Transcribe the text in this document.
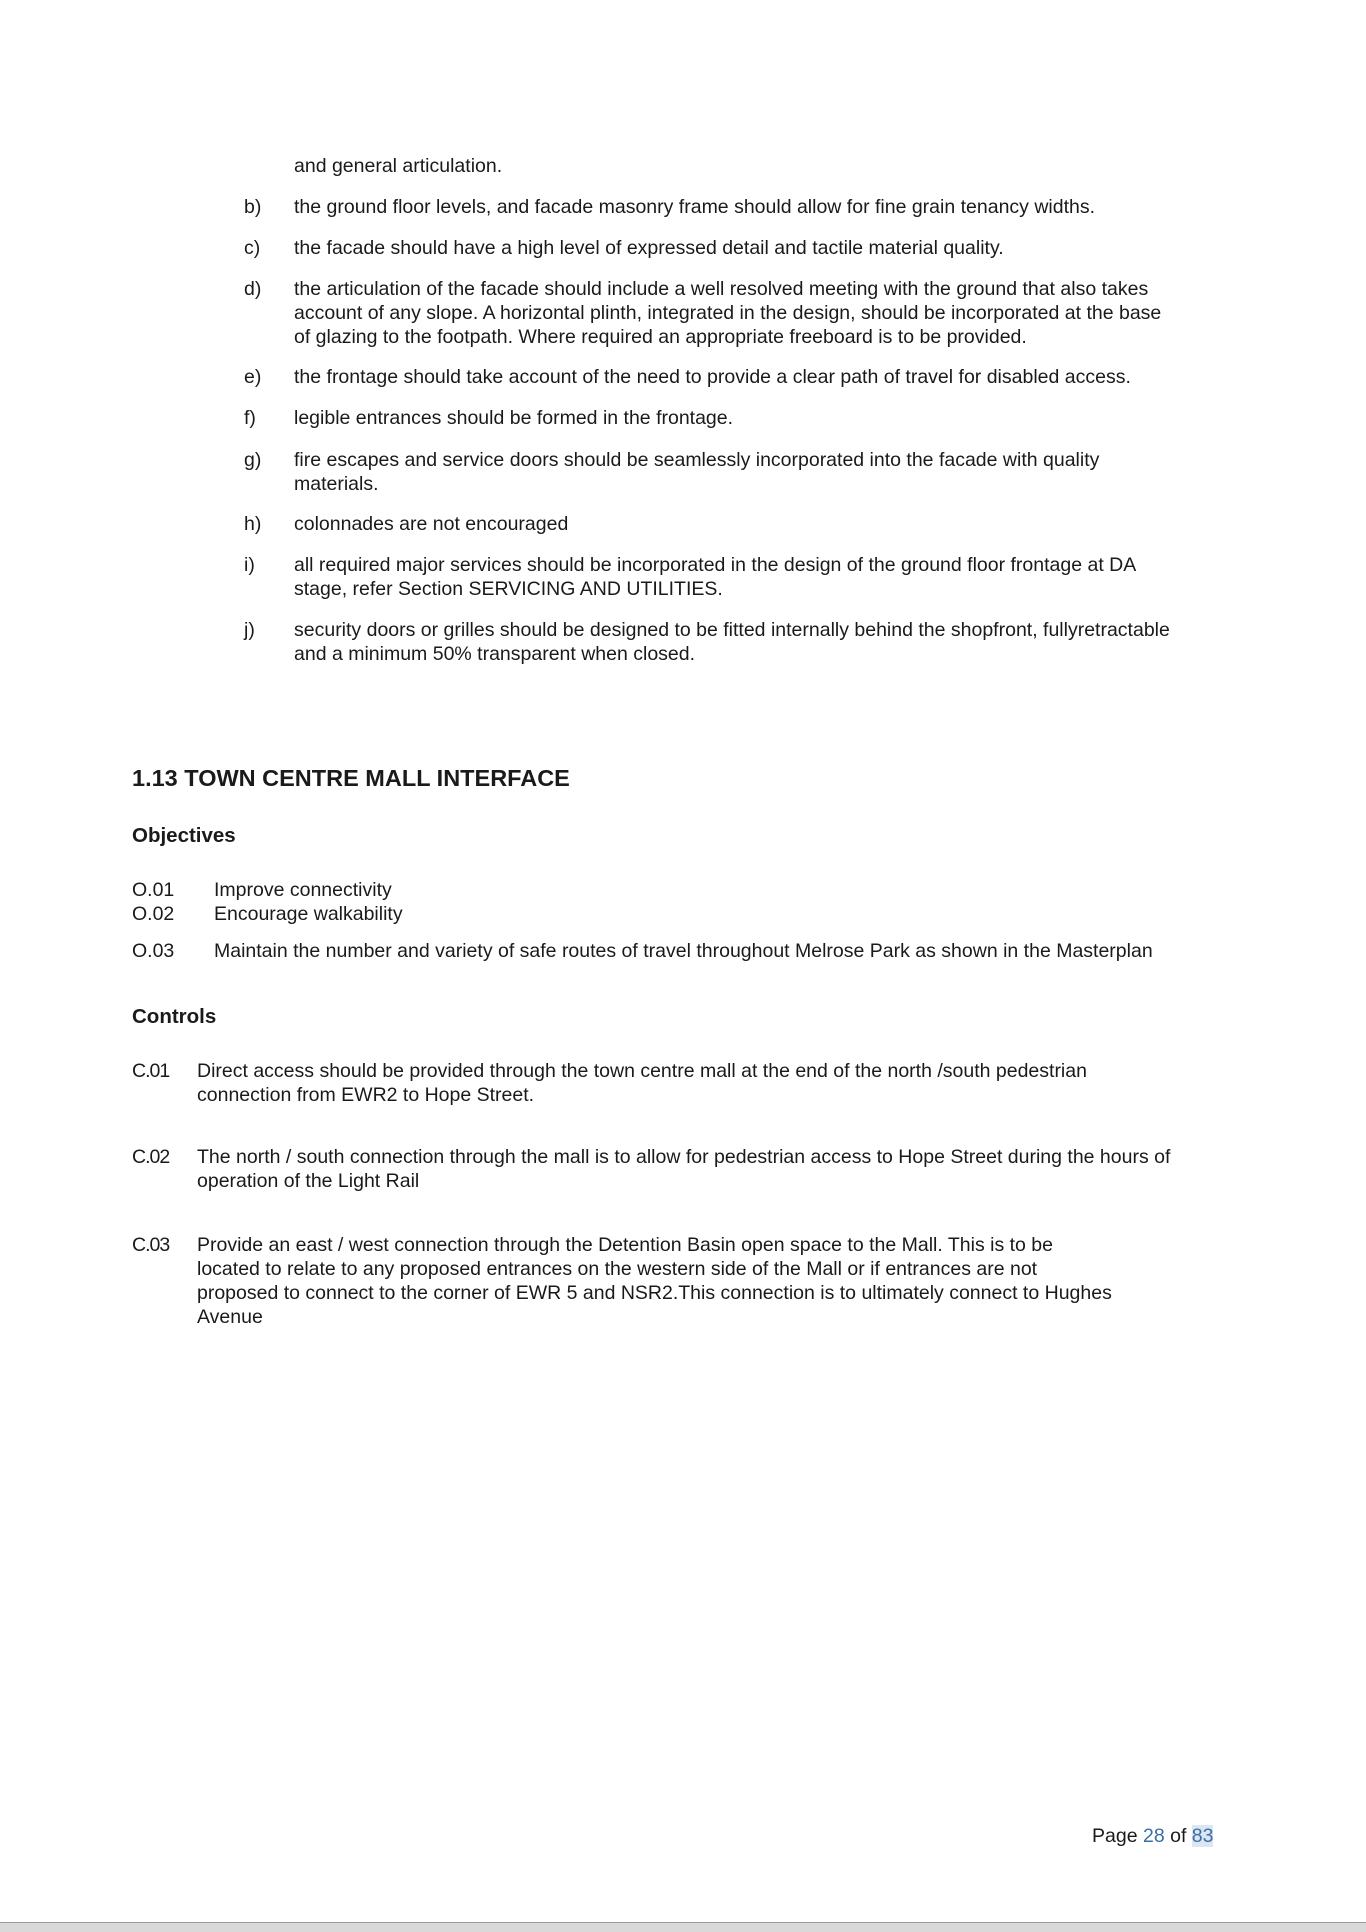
and general articulation.
b)	the ground floor levels, and facade masonry frame should allow for fine grain tenancy widths.
c)	the facade should have a high level of expressed detail and tactile material quality.
d)	the articulation of the facade should include a well resolved meeting with the ground that also takes
account of any slope. A horizontal plinth, integrated in the design, should be incorporated at the base
of glazing to the footpath. Where required an appropriate freeboard is to be provided.
e)	the frontage should take account of the need to provide a clear path of travel for disabled access.
f)	legible entrances should be formed in the frontage.
g)	fire escapes and service doors should be seamlessly incorporated into the facade with quality
materials.
h)	colonnades are not encouraged
i)	all required major services should be incorporated in the design of the ground floor frontage at DA
stage, refer Section SERVICING AND UTILITIES.
j)	security doors or grilles should be designed to be fitted internally behind the shopfront, fullyretractable
and a minimum 50% transparent when closed.
1.13 TOWN CENTRE MALL INTERFACE
Objectives
O.01 Improve connectivity
O.02 Encourage walkability
O.03 Maintain the number and variety of safe routes of travel throughout Melrose Park as shown in the Masterplan
Controls
C.01 Direct access should be provided through the town centre mall at the end of the north /south pedestrian
connection from EWR2 to Hope Street.
C.02 The north / south connection through the mall is to allow for pedestrian access to Hope Street during the hours of
operation of the Light Rail
C.03 Provide an east / west connection through the Detention Basin open space to the Mall. This is to be
located to relate to any proposed entrances on the western side of the Mall or if entrances are not
proposed to connect to the corner of EWR 5 and NSR2.This connection is to ultimately connect to Hughes
Avenue
Page 28 of 83
